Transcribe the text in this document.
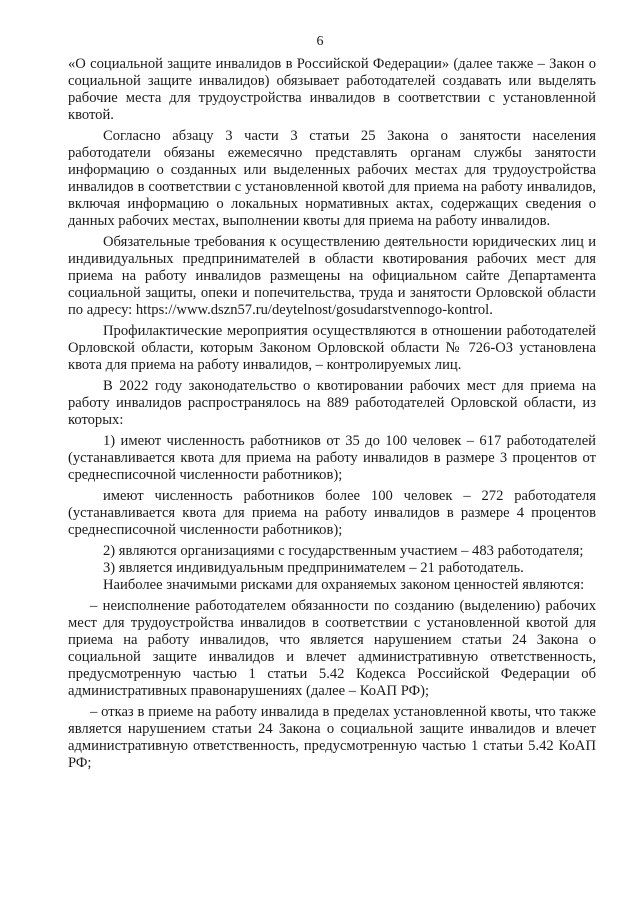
6

«О социальной защите инвалидов в Российской Федерации» (далее также – Закон о социальной защите инвалидов) обязывает работодателей создавать или выделять рабочие места для трудоустройства инвалидов в соответствии с установленной квотой.

Согласно абзацу 3 части 3 статьи 25 Закона о занятости населения работодатели обязаны ежемесячно представлять органам службы занятости информацию о созданных или выделенных рабочих местах для трудоустройства инвалидов в соответствии с установленной квотой для приема на работу инвалидов, включая информацию о локальных нормативных актах, содержащих сведения о данных рабочих местах, выполнении квоты для приема на работу инвалидов.

Обязательные требования к осуществлению деятельности юридических лиц и индивидуальных предпринимателей в области квотирования рабочих мест для приема на работу инвалидов размещены на официальном сайте Департамента социальной защиты, опеки и попечительства, труда и занятости Орловской области по адресу: https://www.dszn57.ru/deytelnost/gosudarstvennogo-kontrol.

Профилактические мероприятия осуществляются в отношении работодателей Орловской области, которым Законом Орловской области № 726-ОЗ установлена квота для приема на работу инвалидов, – контролируемых лиц.

В 2022 году законодательство о квотировании рабочих мест для приема на работу инвалидов распространялось на 889 работодателей Орловской области, из которых:

1) имеют численность работников от 35 до 100 человек – 617 работодателей (устанавливается квота для приема на работу инвалидов в размере 3 процентов от среднесписочной численности работников);

имеют численность работников более 100 человек – 272 работодателя (устанавливается квота для приема на работу инвалидов в размере 4 процентов среднесписочной численности работников);

2) являются организациями с государственным участием – 483 работодателя;

3) является индивидуальным предпринимателем – 21 работодатель.

Наиболее значимыми рисками для охраняемых законом ценностей являются:

– неисполнение работодателем обязанности по созданию (выделению) рабочих мест для трудоустройства инвалидов в соответствии с установленной квотой для приема на работу инвалидов, что является нарушением статьи 24 Закона о социальной защите инвалидов и влечет административную ответственность, предусмотренную частью 1 статьи 5.42 Кодекса Российской Федерации об административных правонарушениях (далее – КоАП РФ);

– отказ в приеме на работу инвалида в пределах установленной квоты, что также является нарушением статьи 24 Закона о социальной защите инвалидов и влечет административную ответственность, предусмотренную частью 1 статьи 5.42 КоАП РФ;
